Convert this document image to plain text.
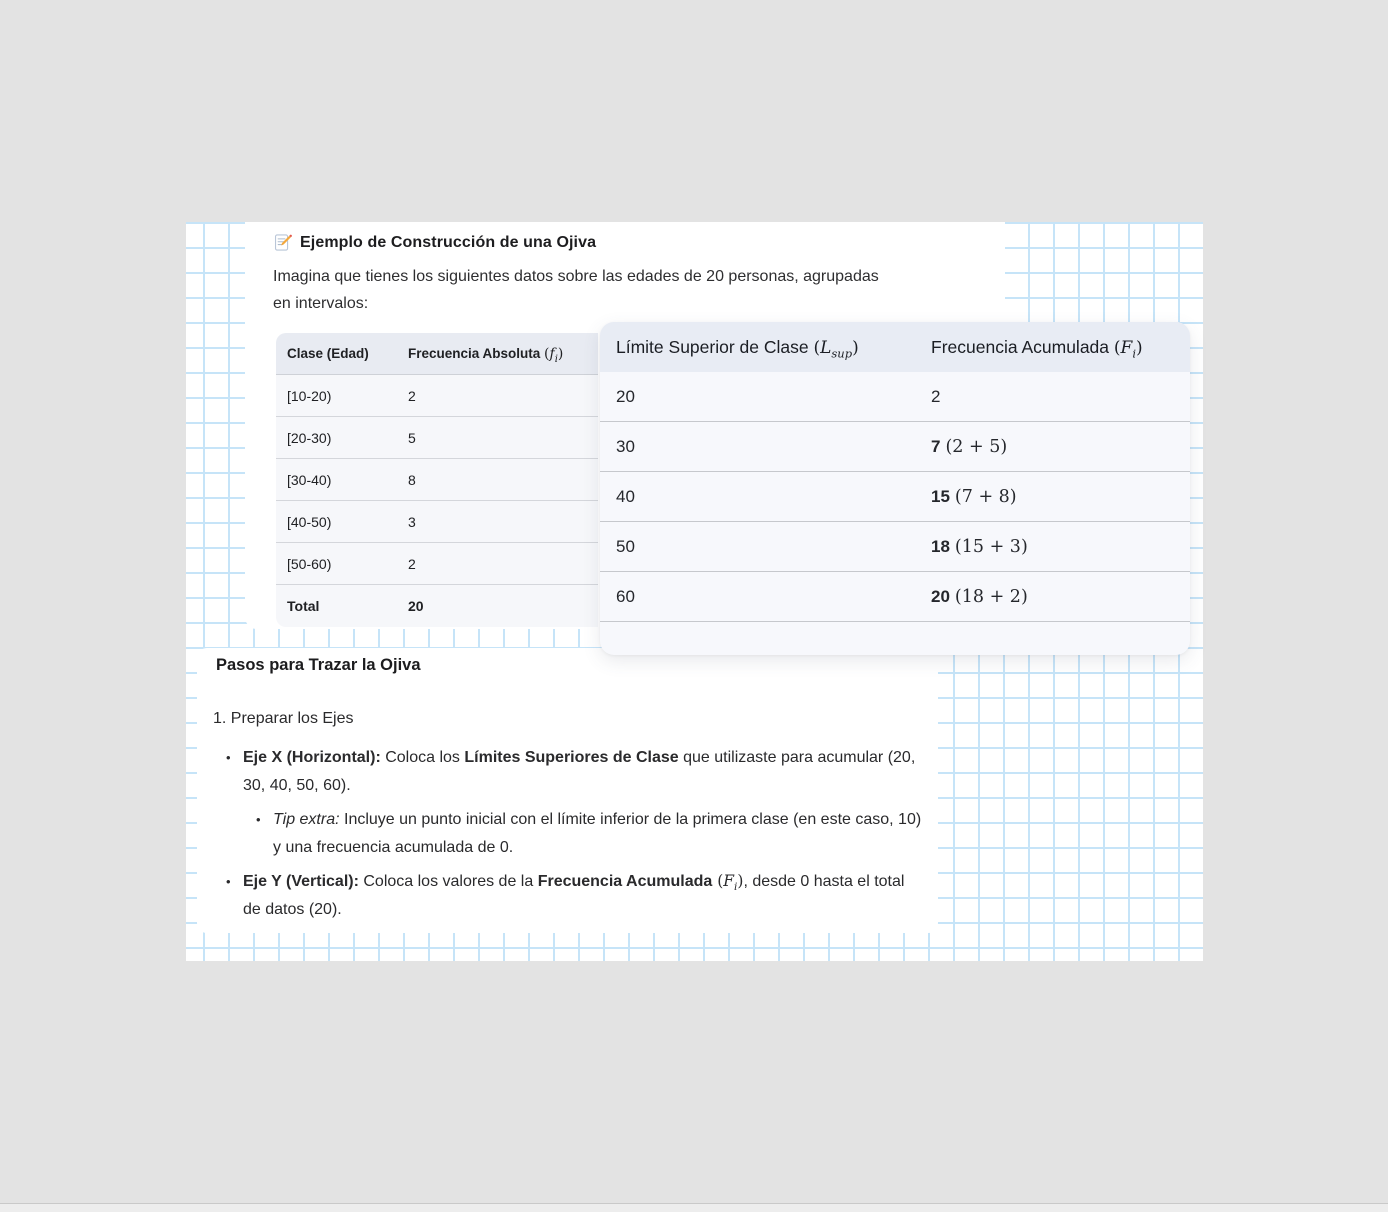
Ejemplo de Construcción de una Ojiva

Imagina que tienes los siguientes datos sobre las edades de 20 personas, agrupadas en intervalos:

Clase (Edad)	Frecuencia Absoluta $(f_i)$
[10-20)	2
[20-30)	5
[30-40)	8
[40-50)	3
[50-60)	2
Total	20
Pasos para Trazar la Ojiva

1. Preparar los Ejes

• Eje X (Horizontal): Coloca los Límites Superiores de Clase que utilizaste para acumular (20, 30, 40, 50, 60).

• Tip extra: Incluye un punto inicial con el límite inferior de la primera clase (en este caso, 10) y una frecuencia acumulada de 0.

• Eje Y (Vertical): Coloca los valores de la Frecuencia Acumulada $(F_i)$, desde 0 hasta el total de datos (20).

Límite Superior de Clase $(L_{sup})$	Frecuencia Acumulada $(F_i)$
20	2
30	7 (2 + 5)
40	15 (7 + 8)
50	18 (15 + 3)
60	20 (18 + 2)
